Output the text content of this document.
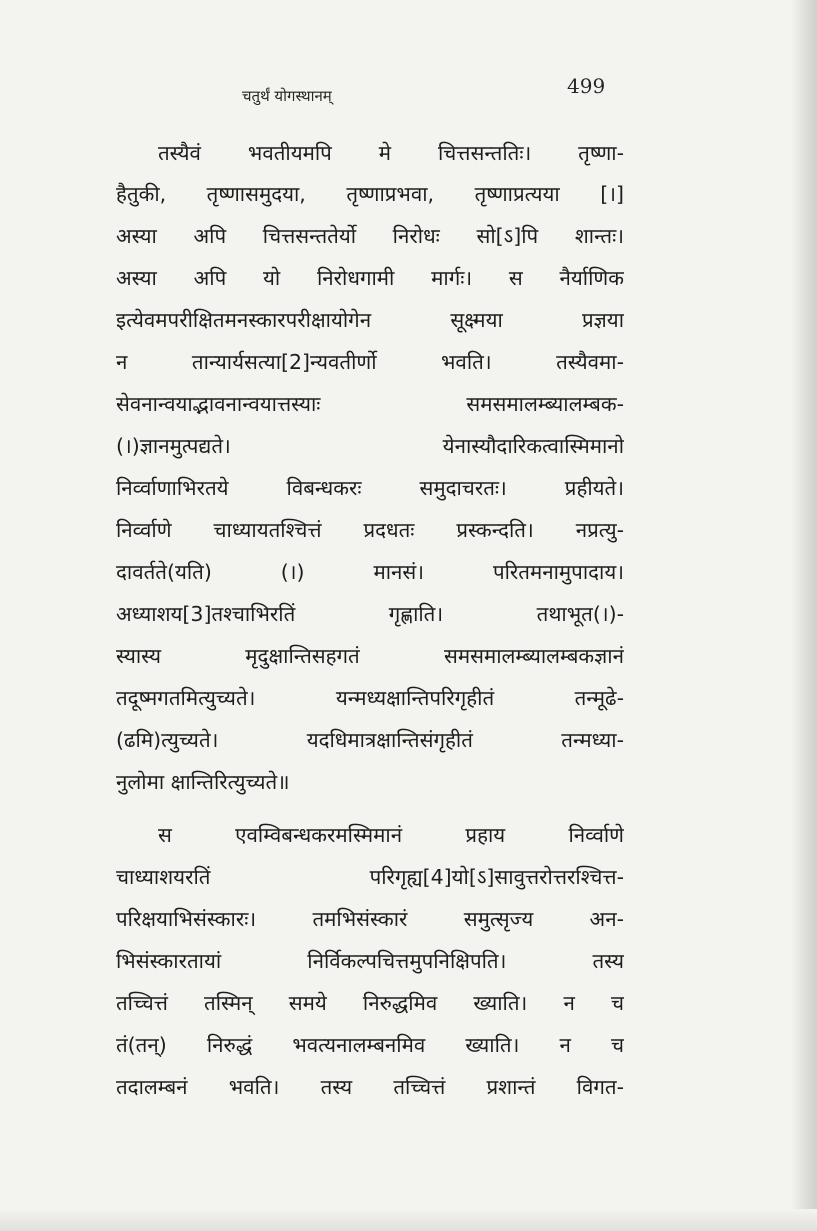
चतुर्थं योगस्थानम्	499
तस्यैवं भवतीयमपि मे चित्तसन्ततिः। तृष्णा-
हैतुकी, तृष्णासमुदया, तृष्णाप्रभवा, तृष्णाप्रत्यया [।]
अस्या अपि चित्तसन्ततेर्यो निरोधः सो[ऽ]पि शान्तः।
अस्या अपि यो निरोधगामी मार्गः। स नैर्याणिक
इत्येवमपरीक्षितमनस्कारपरीक्षायोगेन सूक्ष्मया प्रज्ञया
न तान्यार्यसत्या[2]न्यवतीर्णो भवति। तस्यैवमा-
सेवनान्वयाद्भावनान्वयात्तस्याः समसमालम्ब्यालम्बक-
(।)ज्ञानमुत्पद्यते। येनास्यौदारिकत्वास्मिमानो
निर्व्वाणाभिरतये विबन्धकरः समुदाचरतः। प्रहीयते।
निर्व्वाणे चाध्यायतश्चित्तं प्रदधतः प्रस्कन्दति। नप्रत्यु-
दावर्तते(यति) (।) मानसं। परितमनामुपादाय।
अध्याशय[3]तश्चाभिरतिं गृह्णाति। तथाभूत(।)-
स्यास्य मृदुक्षान्तिसहगतं समसमालम्ब्यालम्बकज्ञानं
तदूष्मगतमित्युच्यते। यन्मध्यक्षान्तिपरिगृहीतं तन्मूढे-
(ढमि)त्युच्यते। यदधिमात्रक्षान्तिसंगृहीतं तन्मध्या-
नुलोमा क्षान्तिरित्युच्यते॥
स एवम्विबन्धकरमस्मिमानं प्रहाय निर्व्वाणे
चाध्याशयरतिं परिगृह्य[4]यो[ऽ]सावुत्तरोत्तरश्चित्त-
परिक्षयाभिसंस्कारः। तमभिसंस्कारं समुत्सृज्य अन-
भिसंस्कारतायां निर्विकल्पचित्तमुपनिक्षिपति। तस्य
तच्चित्तं तस्मिन् समये निरुद्धमिव ख्याति। न च
तं(तन्) निरुद्धं भवत्यनालम्बनमिव ख्याति। न च
तदालम्बनं भवति। तस्य तच्चित्तं प्रशान्तं विगत-
